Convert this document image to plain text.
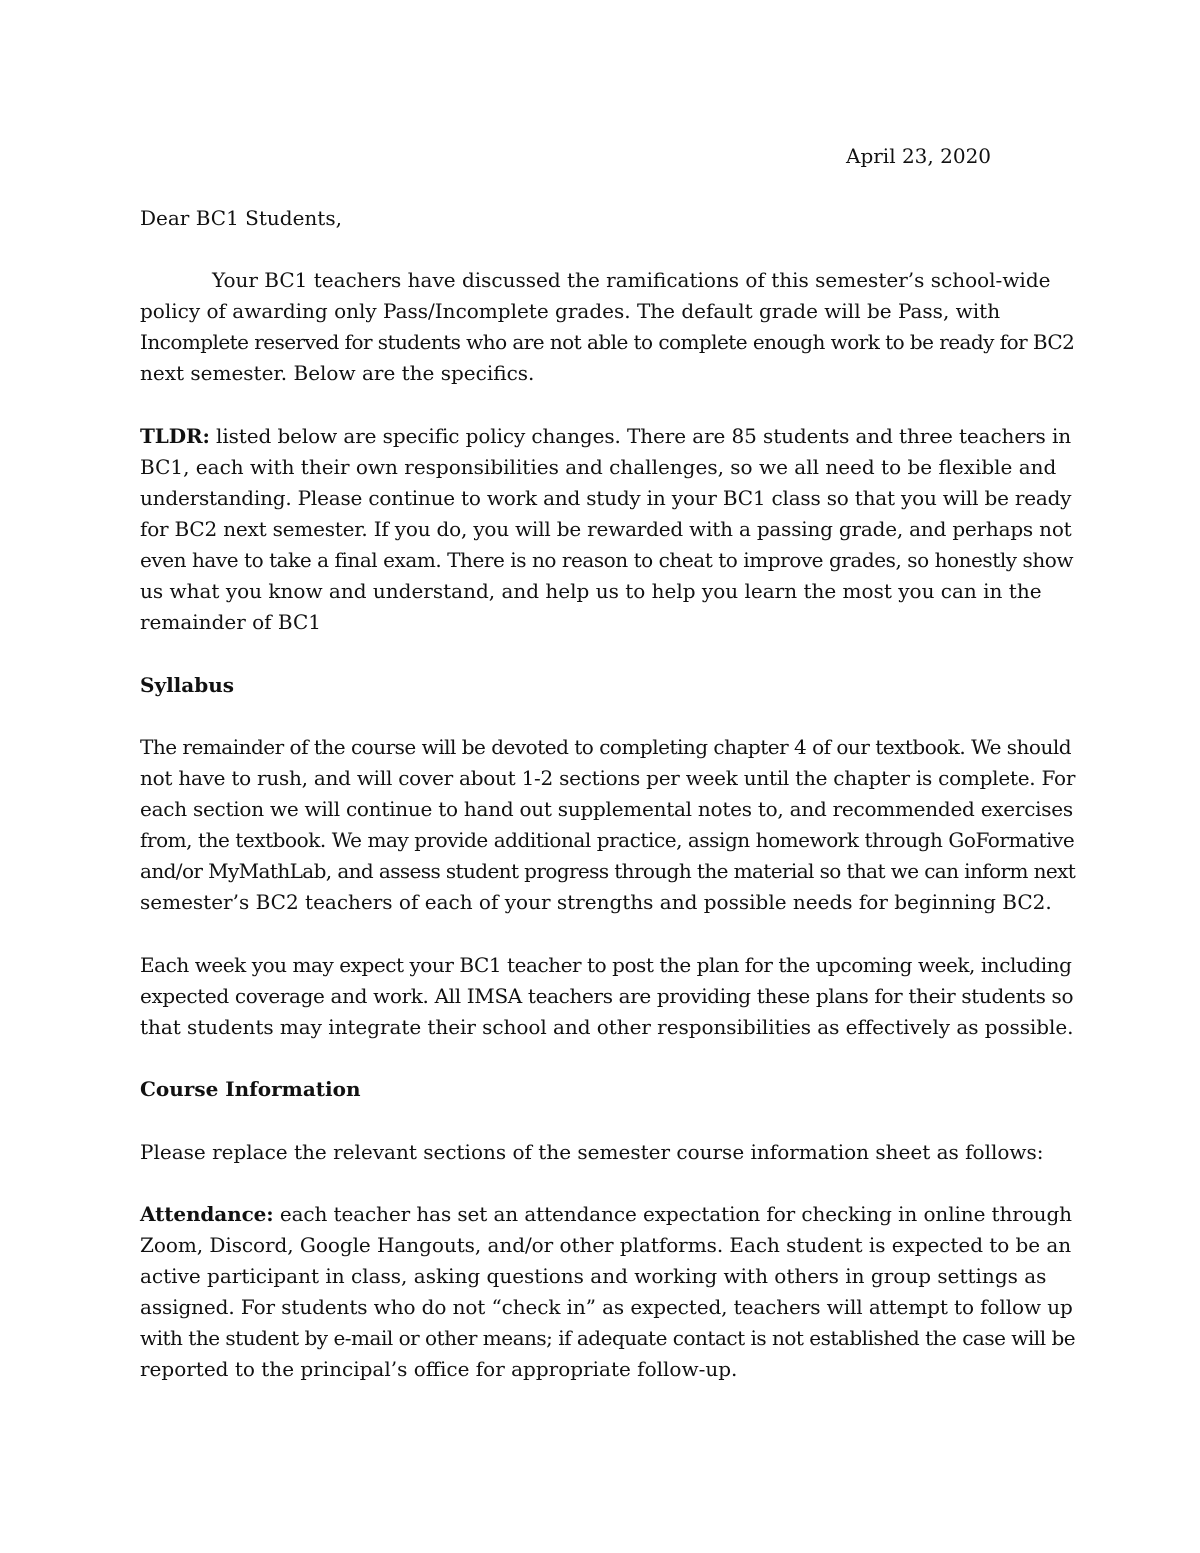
April 23, 2020
Dear BC1 Students,
Your BC1 teachers have discussed the ramifications of this semester’s school-wide
policy of awarding only Pass/Incomplete grades. The default grade will be Pass, with
Incomplete reserved for students who are not able to complete enough work to be ready for BC2
next semester. Below are the specifics.
TLDR: listed below are specific policy changes. There are 85 students and three teachers in
BC1, each with their own responsibilities and challenges, so we all need to be flexible and
understanding. Please continue to work and study in your BC1 class so that you will be ready
for BC2 next semester. If you do, you will be rewarded with a passing grade, and perhaps not
even have to take a final exam. There is no reason to cheat to improve grades, so honestly show
us what you know and understand, and help us to help you learn the most you can in the
remainder of BC1
Syllabus
The remainder of the course will be devoted to completing chapter 4 of our textbook. We should
not have to rush, and will cover about 1-2 sections per week until the chapter is complete. For
each section we will continue to hand out supplemental notes to, and recommended exercises
from, the textbook. We may provide additional practice, assign homework through GoFormative
and/or MyMathLab, and assess student progress through the material so that we can inform next
semester’s BC2 teachers of each of your strengths and possible needs for beginning BC2.
Each week you may expect your BC1 teacher to post the plan for the upcoming week, including
expected coverage and work. All IMSA teachers are providing these plans for their students so
that students may integrate their school and other responsibilities as effectively as possible.
Course Information
Please replace the relevant sections of the semester course information sheet as follows:
Attendance: each teacher has set an attendance expectation for checking in online through
Zoom, Discord, Google Hangouts, and/or other platforms. Each student is expected to be an
active participant in class, asking questions and working with others in group settings as
assigned. For students who do not “check in” as expected, teachers will attempt to follow up
with the student by e-mail or other means; if adequate contact is not established the case will be
reported to the principal’s office for appropriate follow-up.
